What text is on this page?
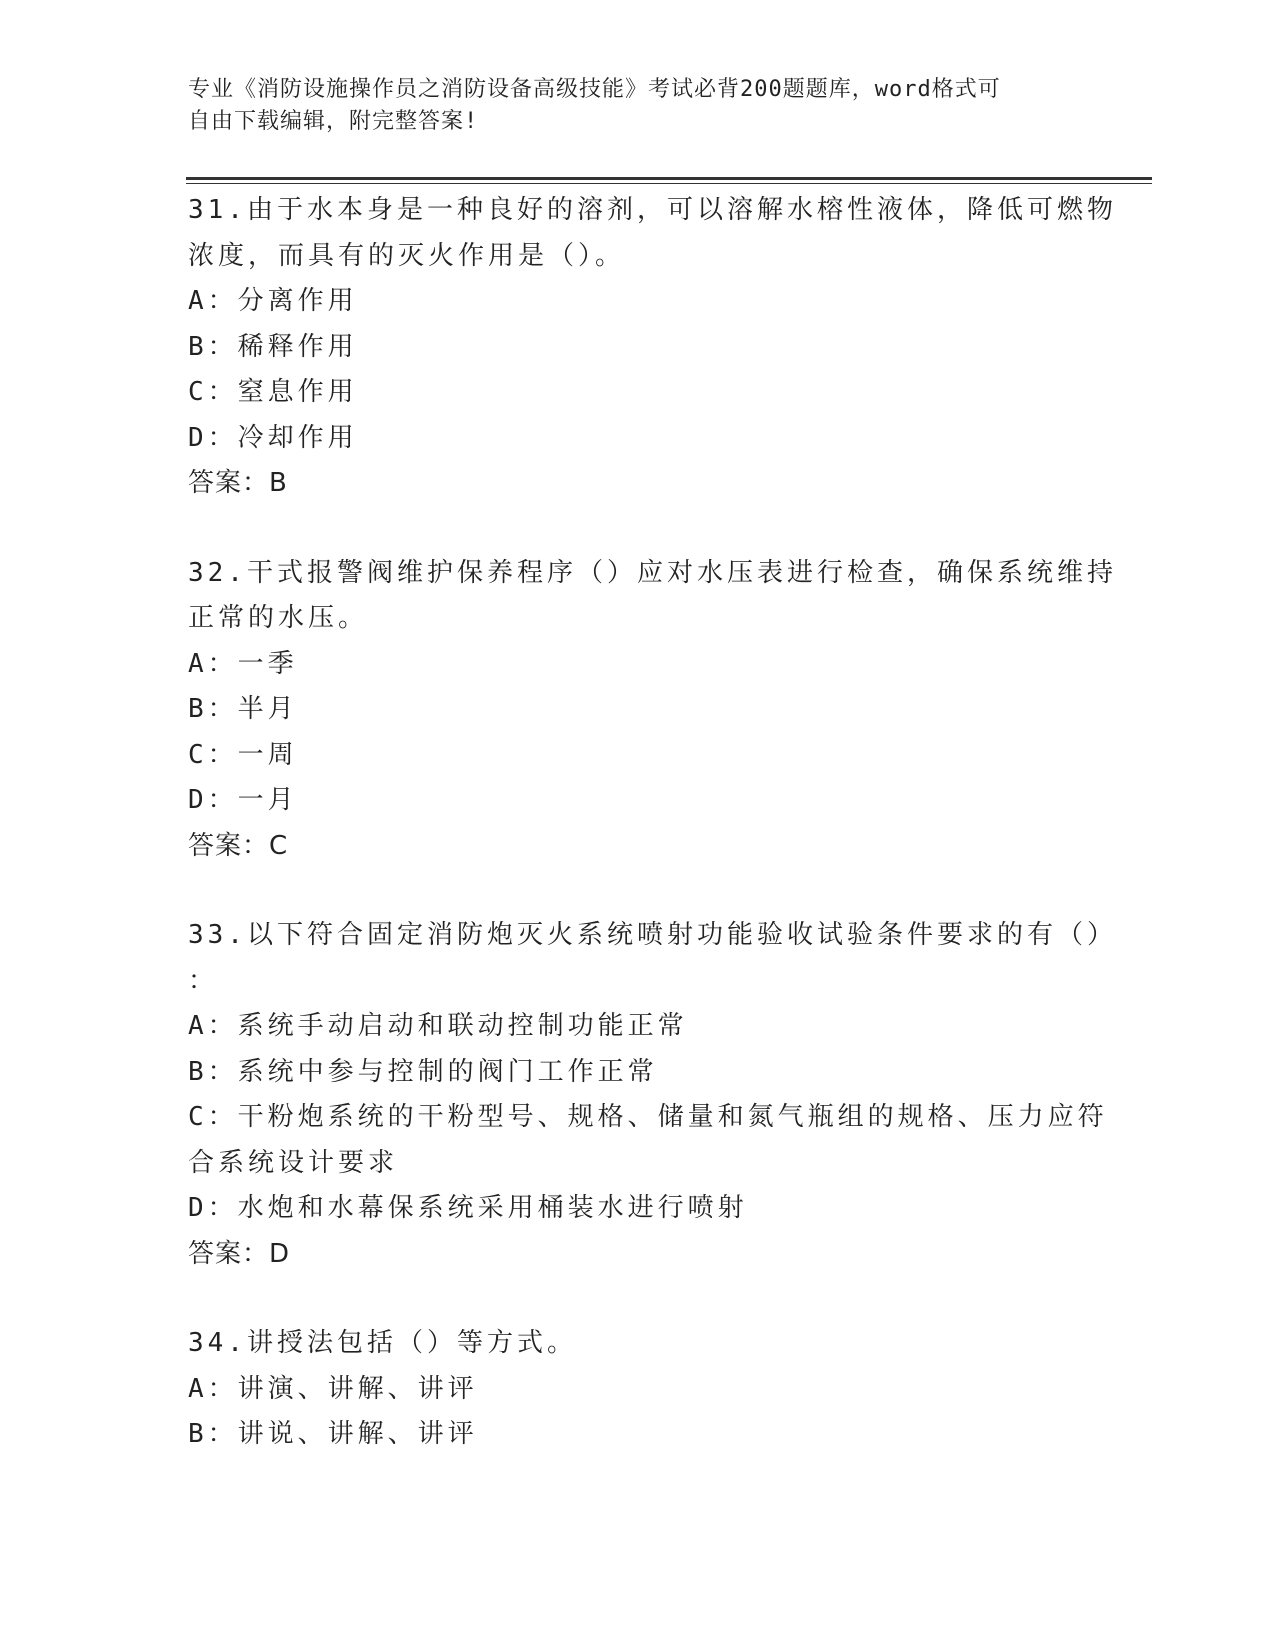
专业《消防设施操作员之消防设备高级技能》考试必背200题题库，word格式可
自由下载编辑，附完整答案!
31.由于水本身是一种良好的溶剂，可以溶解水榕性液体，降低可燃物
浓度，而具有的灭火作用是（）。
A：分离作用
B：稀释作用
C：窒息作用
D：冷却作用
答案：B
32.干式报警阀维护保养程序（）应对水压表进行检查，确保系统维持
正常的水压。
A：一季
B：半月
C：一周
D：一月
答案：C
33.以下符合固定消防炮灭火系统喷射功能验收试验条件要求的有（）
：
A：系统手动启动和联动控制功能正常
B：系统中参与控制的阀门工作正常
C：干粉炮系统的干粉型号、规格、储量和氮气瓶组的规格、压力应符
合系统设计要求
D：水炮和水幕保系统采用桶装水进行喷射
答案：D
34.讲授法包括（）等方式。
A：讲演、讲解、讲评
B：讲说、讲解、讲评
